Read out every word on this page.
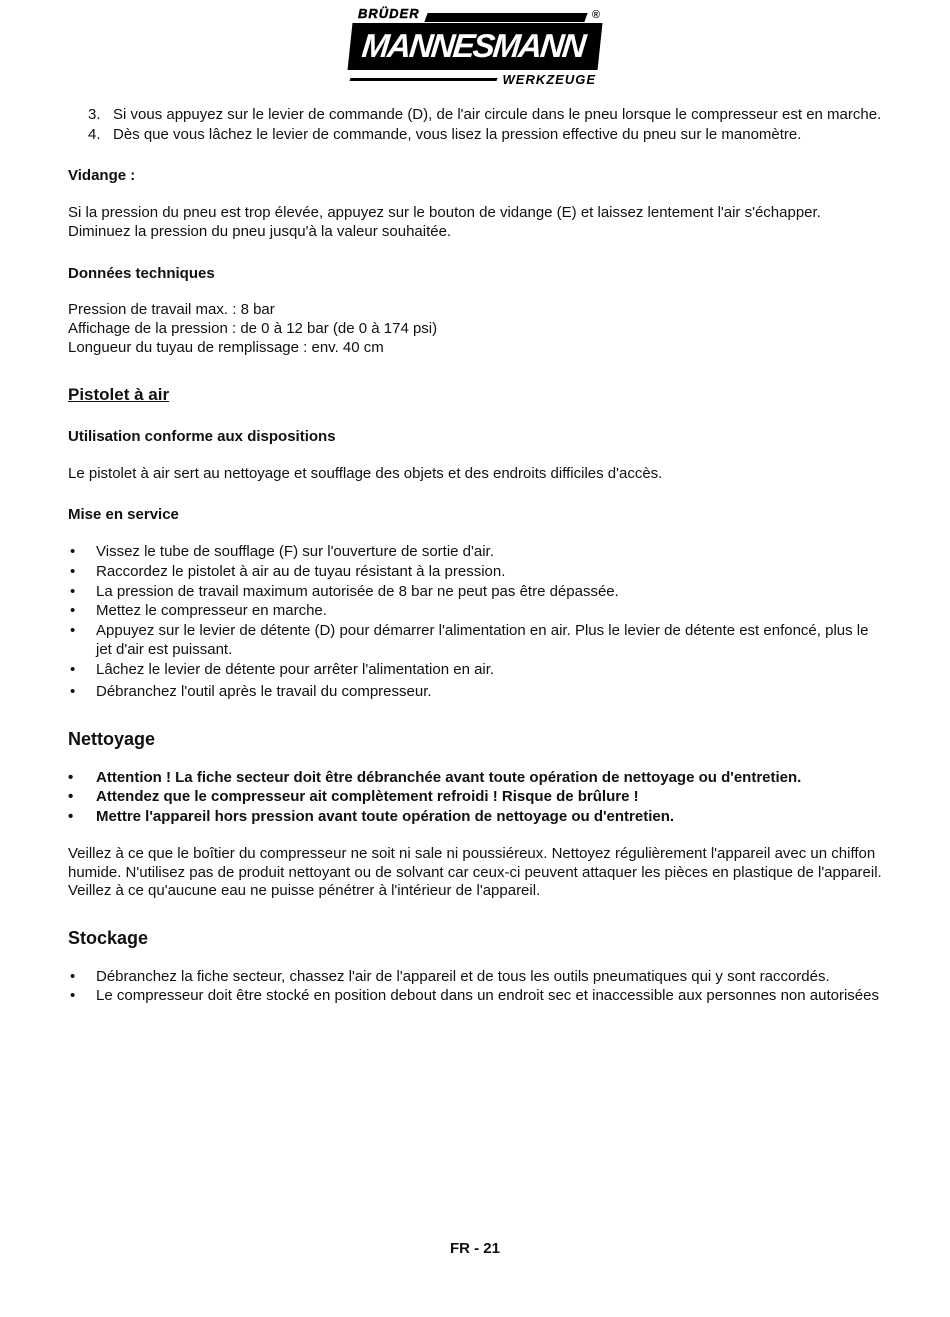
BRÜDER	®
MANNESMANN
WERKZEUGE
3. Si vous appuyez sur le levier de commande (D), de l'air circule dans le pneu lorsque le compresseur est en marche.
4. Dès que vous lâchez le levier de commande, vous lisez la pression effective du pneu sur le manomètre.
Vidange :
Si la pression du pneu est trop élevée, appuyez sur le bouton de vidange (E) et laissez lentement l'air s'échapper. Diminuez la pression du pneu jusqu'à la valeur souhaitée.
Données techniques
Pression de travail max. : 8 bar
Affichage de la pression : de 0 à 12 bar (de 0 à 174 psi)
Longueur du tuyau de remplissage : env. 40 cm
Pistolet à air
Utilisation conforme aux dispositions
Le pistolet à air sert au nettoyage et soufflage des objets et des endroits difficiles d'accès.
Mise en service
•
Vissez le tube de soufflage (F) sur l'ouverture de sortie d'air.
•
Raccordez le pistolet à air au de tuyau résistant à la pression.
•
La pression de travail maximum autorisée de 8 bar ne peut pas être dépassée.
•
Mettez le compresseur en marche.
•
Appuyez sur le levier de détente (D) pour démarrer l'alimentation en air. Plus le levier de détente est enfoncé, plus le jet d'air est puissant.
•
Lâchez le levier de détente pour arrêter l'alimentation en air.
•
Débranchez l'outil après le travail du compresseur.
Nettoyage
•
Attention ! La fiche secteur doit être débranchée avant toute opération de nettoyage ou d'entretien.
•
Attendez que le compresseur ait complètement refroidi ! Risque de brûlure !
•
Mettre l'appareil hors pression avant toute opération de nettoyage ou d'entretien.
Veillez à ce que le boîtier du compresseur ne soit ni sale ni poussiéreux. Nettoyez régulièrement l'appareil avec un chiffon humide. N'utilisez pas de produit nettoyant ou de solvant car ceux-ci peuvent attaquer les pièces en plastique de l'appareil. Veillez à ce qu'aucune eau ne puisse pénétrer à l'intérieur de l'appareil.
Stockage
•
Débranchez la fiche secteur, chassez l'air de l'appareil et de tous les outils pneumatiques qui y sont raccordés.
•
Le compresseur doit être stocké en position debout dans un endroit sec et inaccessible aux personnes non autorisées
FR - 21
